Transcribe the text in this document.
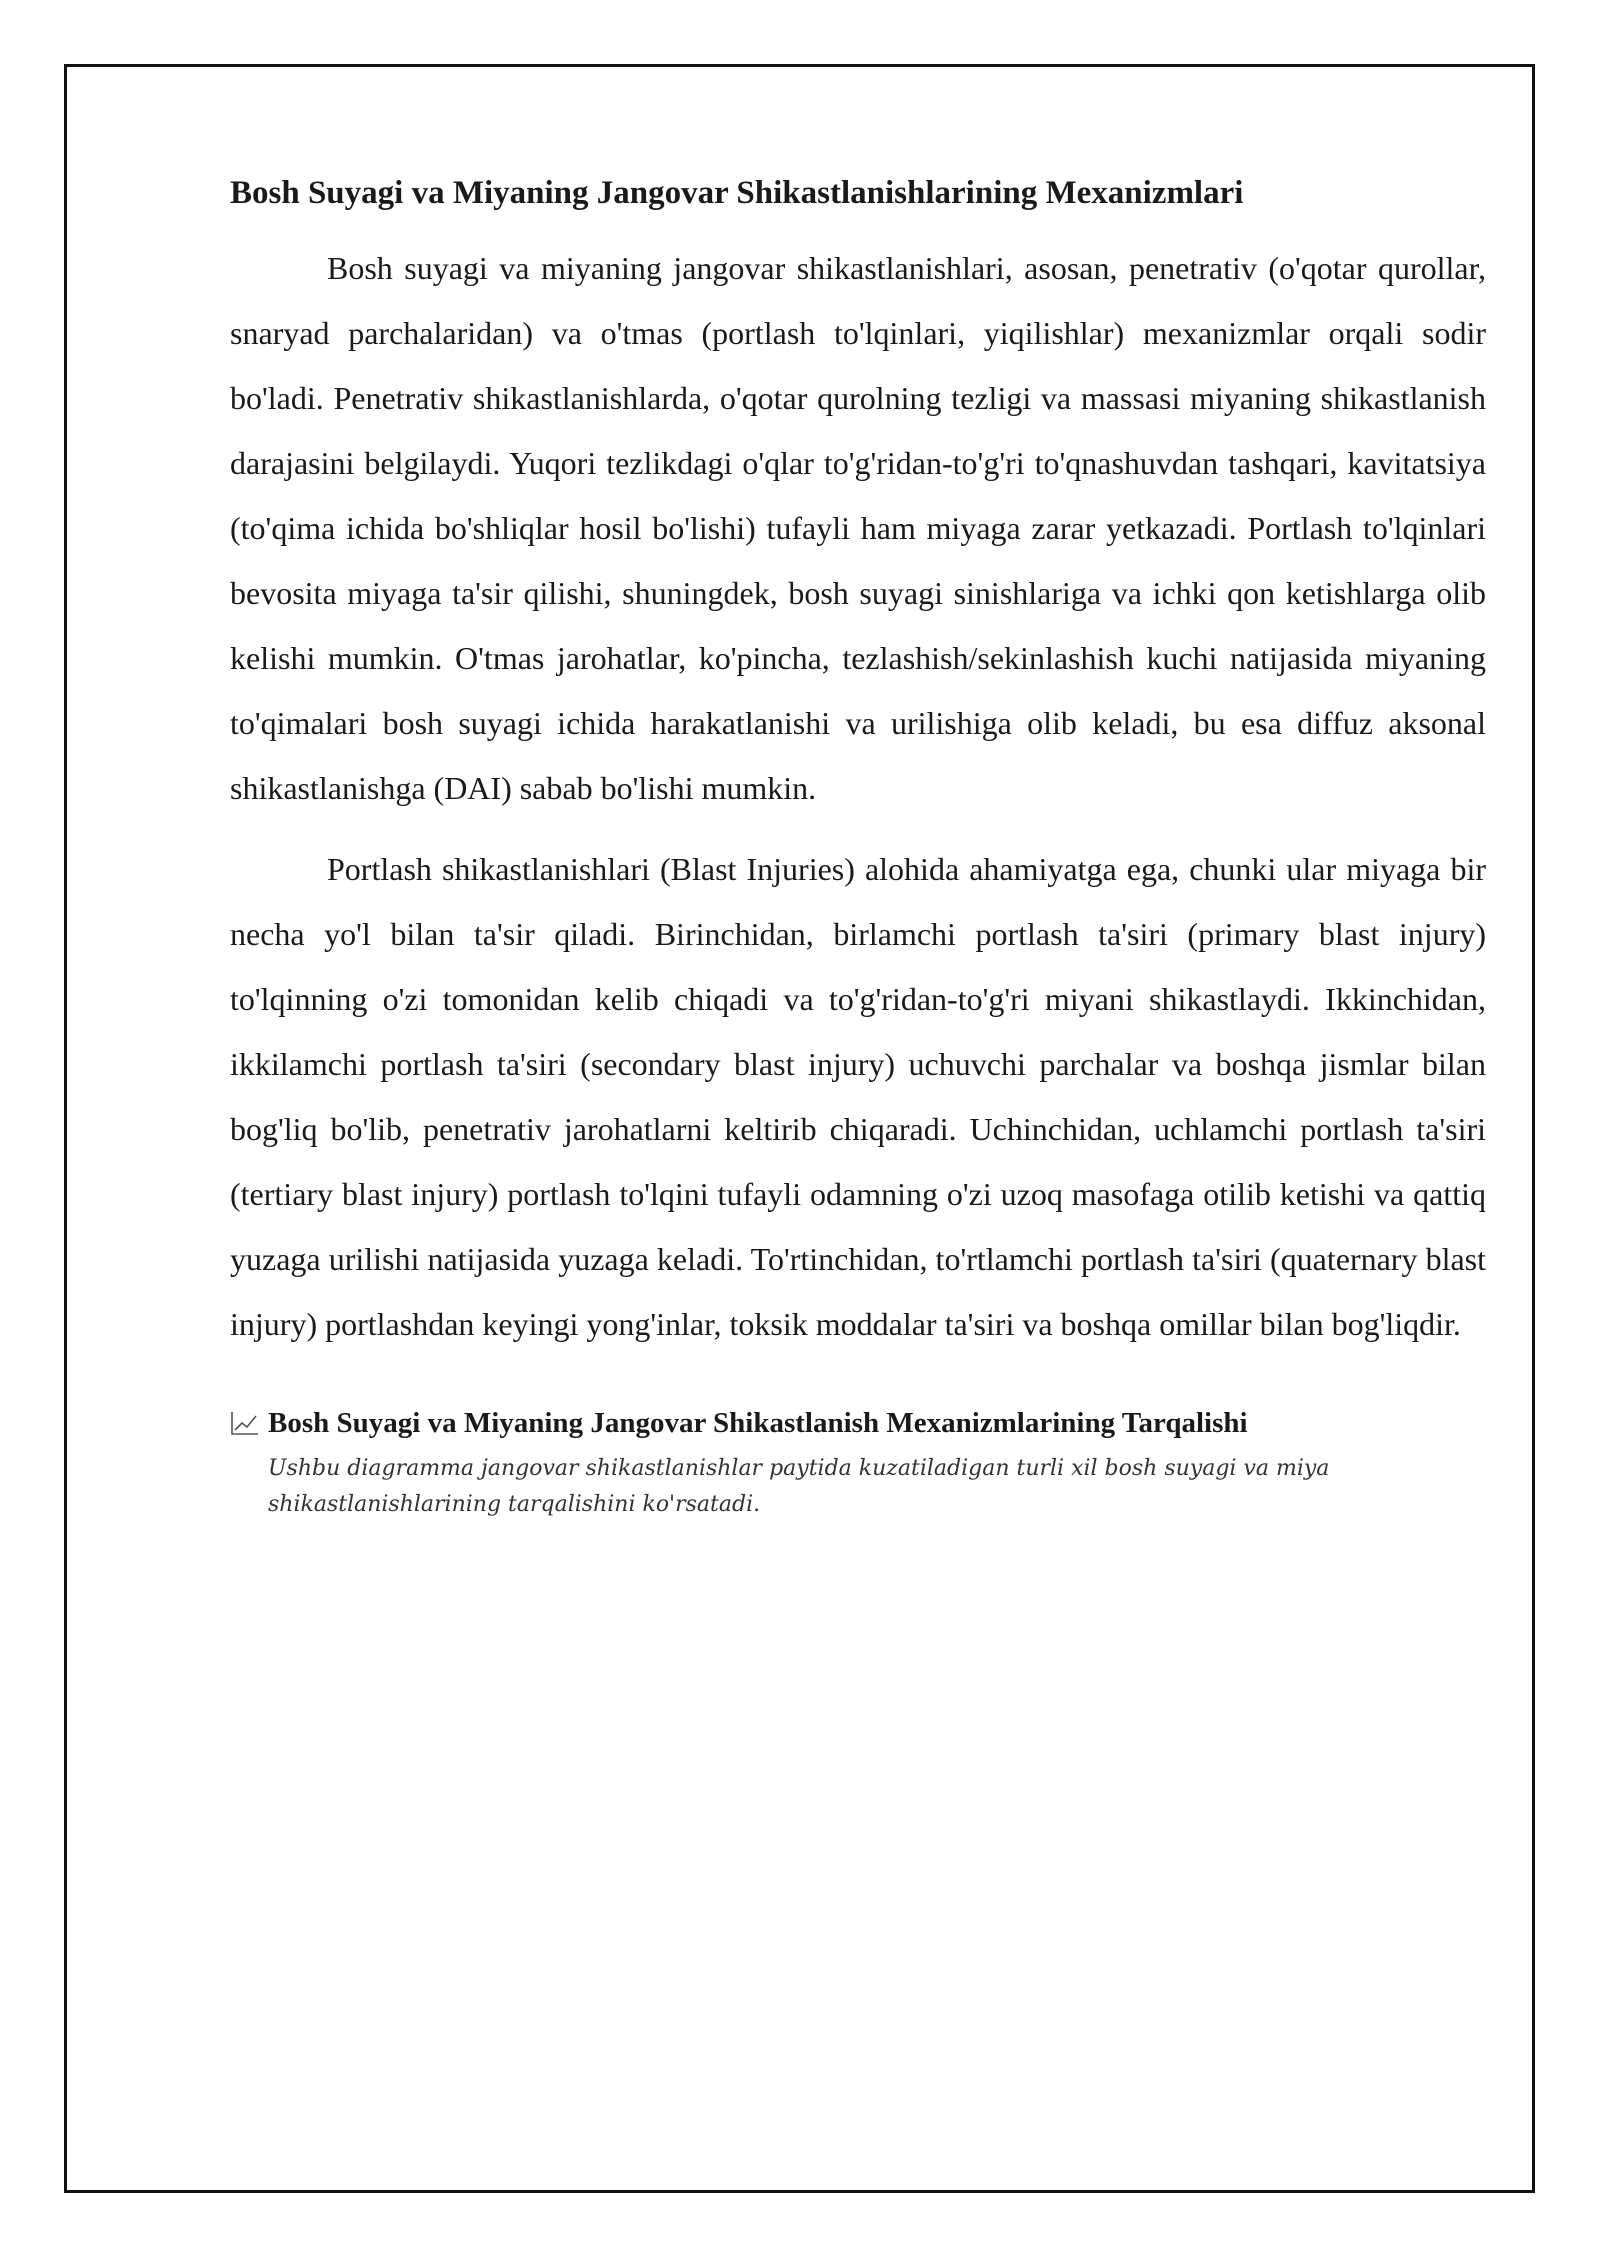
Bosh Suyagi va Miyaning Jangovar Shikastlanishlarining Mexanizmlari

Bosh suyagi va miyaning jangovar shikastlanishlari, asosan, penetrativ (o'qotar qurollar, snaryad parchalaridan) va o'tmas (portlash to'lqinlari, yiqilishlar) mexanizmlar orqali sodir bo'ladi. Penetrativ shikastlanishlarda, o'qotar qurolning tezligi va massasi miyaning shikastlanish darajasini belgilaydi. Yuqori tezlikdagi o'qlar to'g'ridan-to'g'ri to'qnashuvdan tashqari, kavitatsiya (to'qima ichida bo'shliqlar hosil bo'lishi) tufayli ham miyaga zarar yetkazadi. Portlash to'lqinlari bevosita miyaga ta'sir qilishi, shuningdek, bosh suyagi sinishlariga va ichki qon ketishlarga olib kelishi mumkin. O'tmas jarohatlar, ko'pincha, tezlashish/sekinlashish kuchi natijasida miyaning to'qimalari bosh suyagi ichida harakatlanishi va urilishiga olib keladi, bu esa diffuz aksonal shikastlanishga (DAI) sabab bo'lishi mumkin.

Portlash shikastlanishlari (Blast Injuries) alohida ahamiyatga ega, chunki ular miyaga bir necha yo'l bilan ta'sir qiladi. Birinchidan, birlamchi portlash ta'siri (primary blast injury) to'lqinning o'zi tomonidan kelib chiqadi va to'g'ridan-to'g'ri miyani shikastlaydi. Ikkinchidan, ikkilamchi portlash ta'siri (secondary blast injury) uchuvchi parchalar va boshqa jismlar bilan bog'liq bo'lib, penetrativ jarohatlarni keltirib chiqaradi. Uchinchidan, uchlamchi portlash ta'siri (tertiary blast injury) portlash to'lqini tufayli odamning o'zi uzoq masofaga otilib ketishi va qattiq yuzaga urilishi natijasida yuzaga keladi. To'rtinchidan, to'rtlamchi portlash ta'siri (quaternary blast injury) portlashdan keyingi yong'inlar, toksik moddalar ta'siri va boshqa omillar bilan bog'liqdir.

Bosh Suyagi va Miyaning Jangovar Shikastlanish Mexanizmlarining Tarqalishi
Ushbu diagramma jangovar shikastlanishlar paytida kuzatiladigan turli xil bosh suyagi va miya shikastlanishlarining tarqalishini ko'rsatadi.
